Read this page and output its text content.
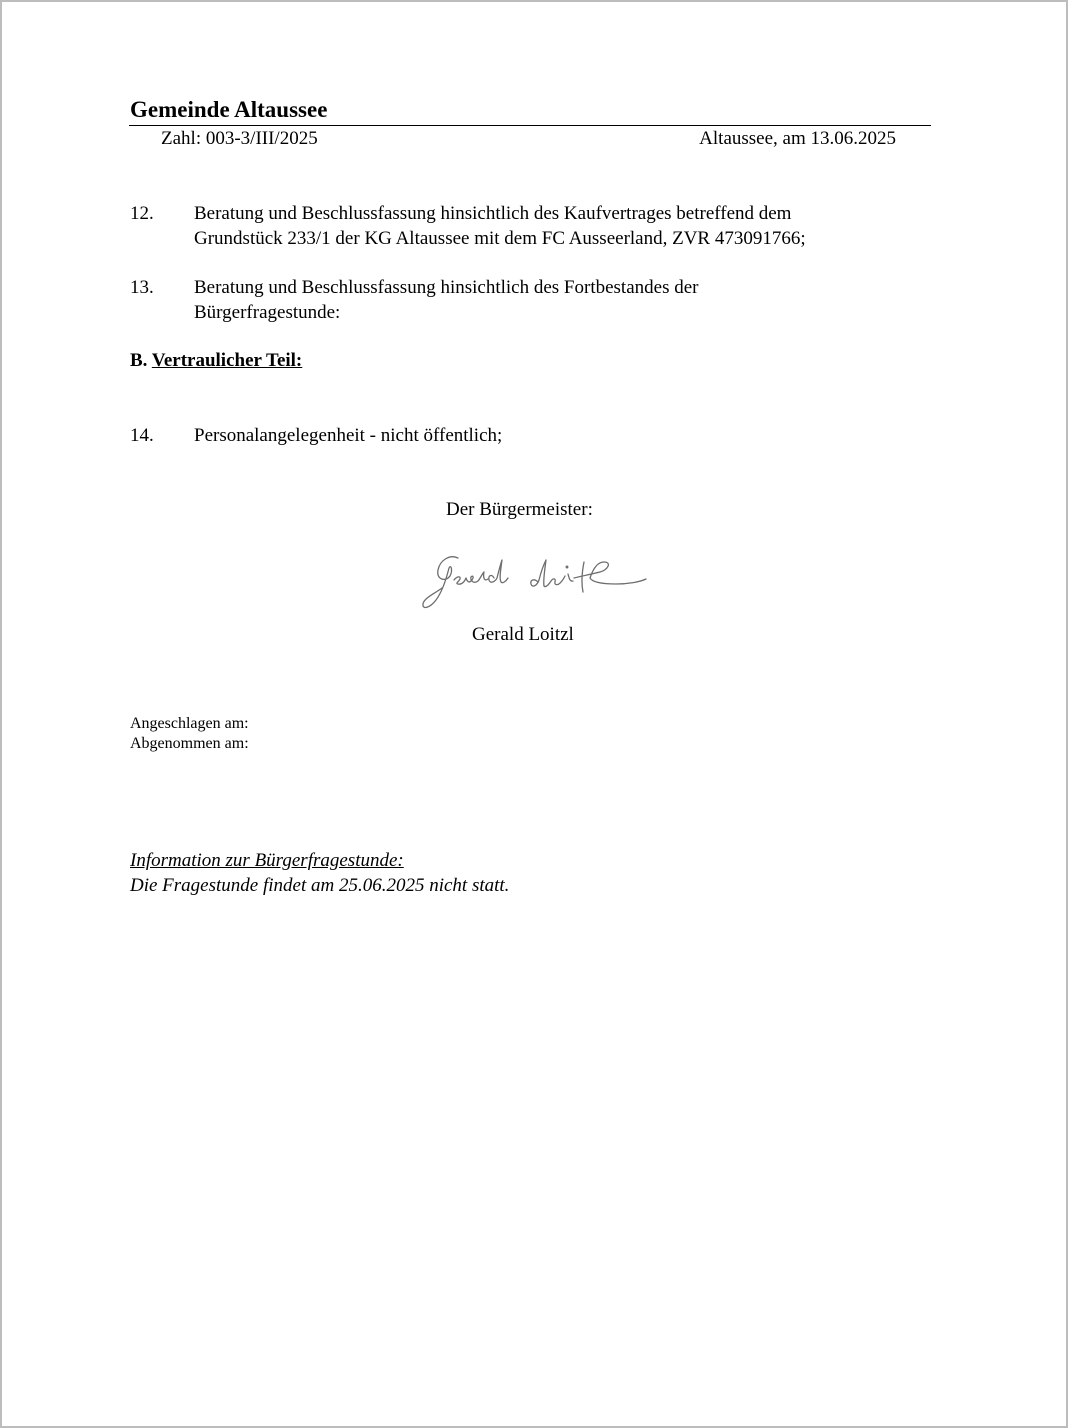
Gemeinde Altaussee
Zahl: 003-3/III/2025	Altaussee, am 13.06.2025
12. Beratung und Beschlussfassung hinsichtlich des Kaufvertrages betreffend dem
Grundstück 233/1 der KG Altaussee mit dem FC Ausseerland, ZVR 473091766;
13. Beratung und Beschlussfassung hinsichtlich des Fortbestandes der
Bürgerfragestunde:
B. Vertraulicher Teil:
14. Personalangelegenheit - nicht öffentlich;
Der Bürgermeister:
Gerald Loitzl
Angeschlagen am:
Abgenommen am:
Information zur Bürgerfragestunde:
Die Fragestunde findet am 25.06.2025 nicht statt.
